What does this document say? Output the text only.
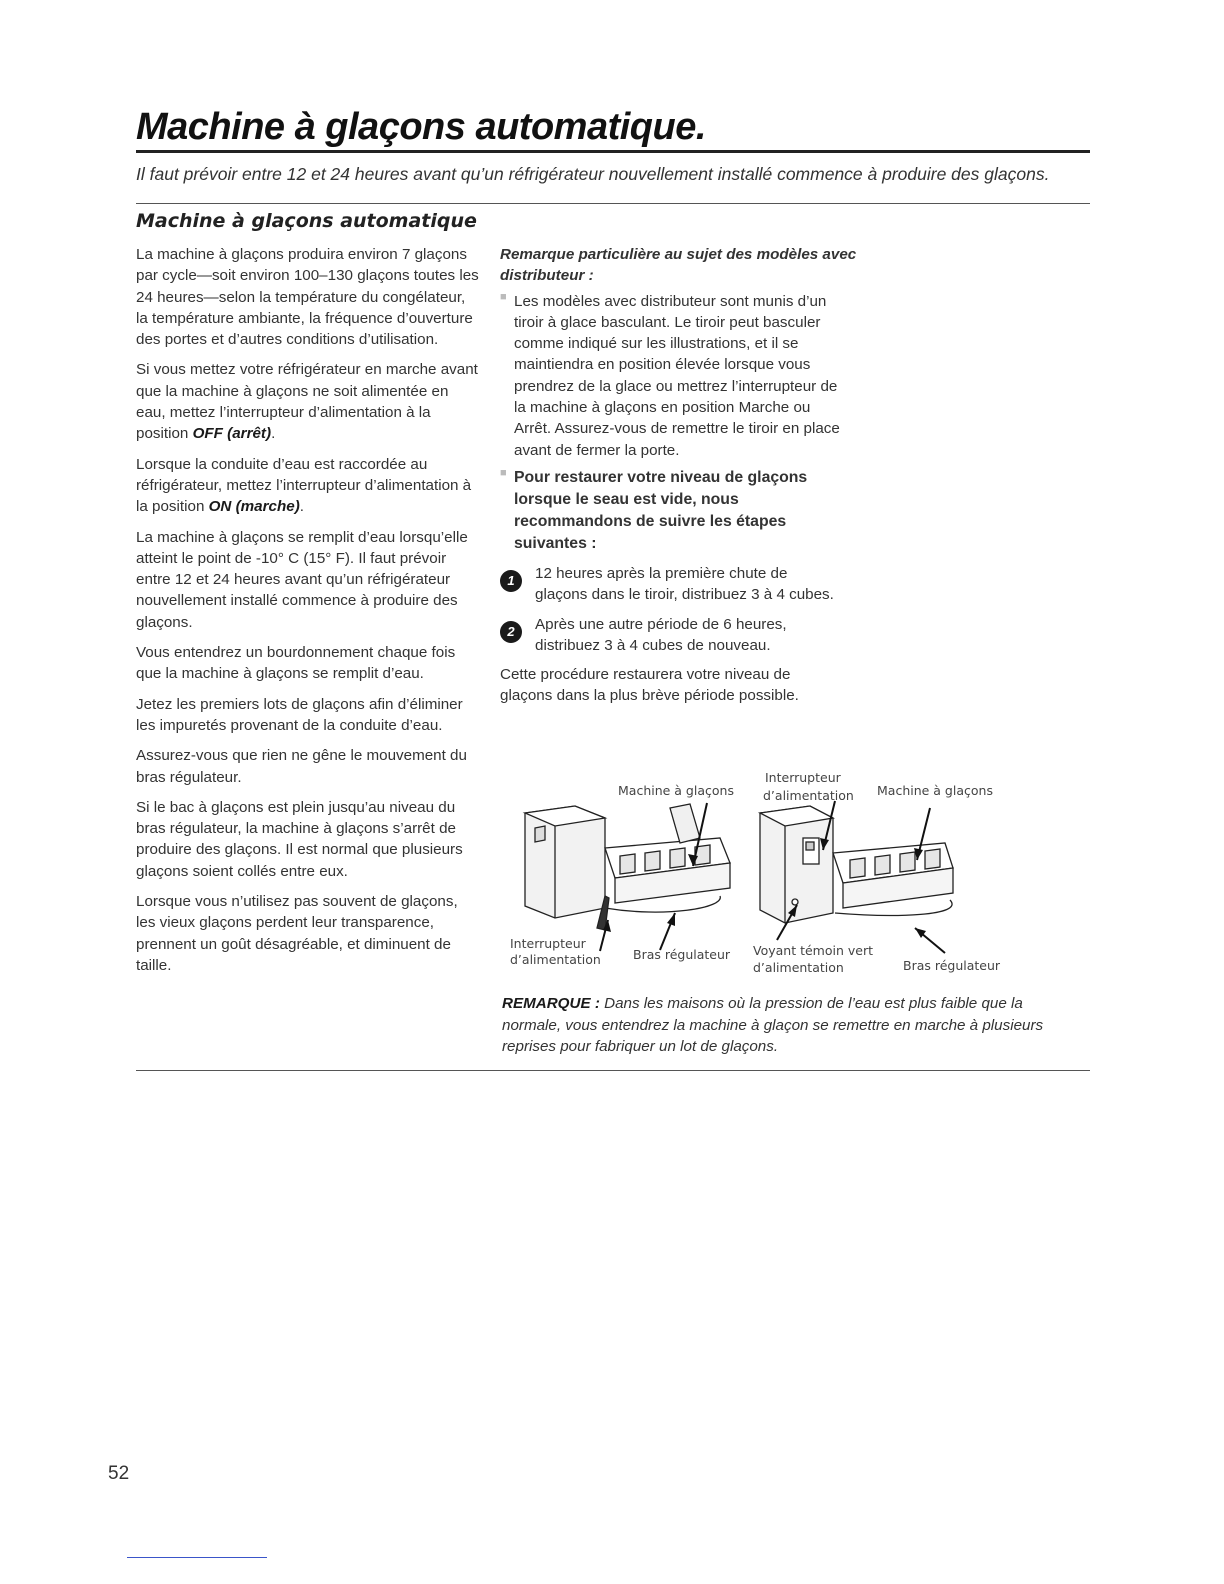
Machine à glaçons automatique.

Il faut prévoir entre 12 et 24 heures avant qu’un réfrigérateur nouvellement installé commence à produire des glaçons.

Machine à glaçons automatique

La machine à glaçons produira environ 7 glaçons par cycle—soit environ 100–130 glaçons toutes les 24 heures—selon la température du congélateur, la température ambiante, la fréquence d’ouverture des portes et d’autres conditions d’utilisation.

Si vous mettez votre réfrigérateur en marche avant que la machine à glaçons ne soit alimentée en eau, mettez l’interrupteur d’alimentation à la position OFF (arrêt).

Lorsque la conduite d’eau est raccordée au réfrigérateur, mettez l’interrupteur d’alimentation à la position ON (marche).

La machine à glaçons se remplit d’eau lorsqu’elle atteint le point de -10° C (15° F). Il faut prévoir entre 12 et 24 heures avant qu’un réfrigérateur nouvellement installé commence à produire des glaçons.

Vous entendrez un bourdonnement chaque fois que la machine à glaçons se remplit d’eau.

Jetez les premiers lots de glaçons afin d’éliminer les impuretés provenant de la conduite d’eau.

Assurez-vous que rien ne gêne le mouvement du bras régulateur.

Si le bac à glaçons est plein jusqu’au niveau du bras régulateur, la machine à glaçons s’arrêt de produire des glaçons. Il est normal que plusieurs glaçons soient collés entre eux.

Lorsque vous n’utilisez pas souvent de glaçons, les vieux glaçons perdent leur transparence, prennent un goût désagréable, et diminuent de taille.

Remarque particulière au sujet des modèles avec distributeur :

■ Les modèles avec distributeur sont munis d’un tiroir à glace basculant. Le tiroir peut basculer comme indiqué sur les illustrations, et il se maintiendra en position élevée lorsque vous prendrez de la glace ou mettrez l’interrupteur de la machine à glaçons en position Marche ou Arrêt. Assurez-vous de remettre le tiroir en place avant de fermer la porte.

■ Pour restaurer votre niveau de glaçons lorsque le seau est vide, nous recommandons de suivre les étapes suivantes :

1	12 heures après la première chute de glaçons dans le tiroir, distribuez 3 à 4 cubes.

2	Après une autre période de 6 heures, distribuez 3 à 4 cubes de nouveau.

Cette procédure restaurera votre niveau de glaçons dans la plus brève période possible.

Machine à glaçons
Interrupteur
d’alimentation	Bras régulateur
Interrupteur
d’alimentation Machine à glaçons
Voyant témoin vert
d’alimentation	Bras régulateur

REMARQUE : Dans les maisons où la pression de l’eau est plus faible que la normale, vous entendrez la machine à glaçon se remettre en marche à plusieurs reprises pour fabriquer un lot de glaçons.

52
